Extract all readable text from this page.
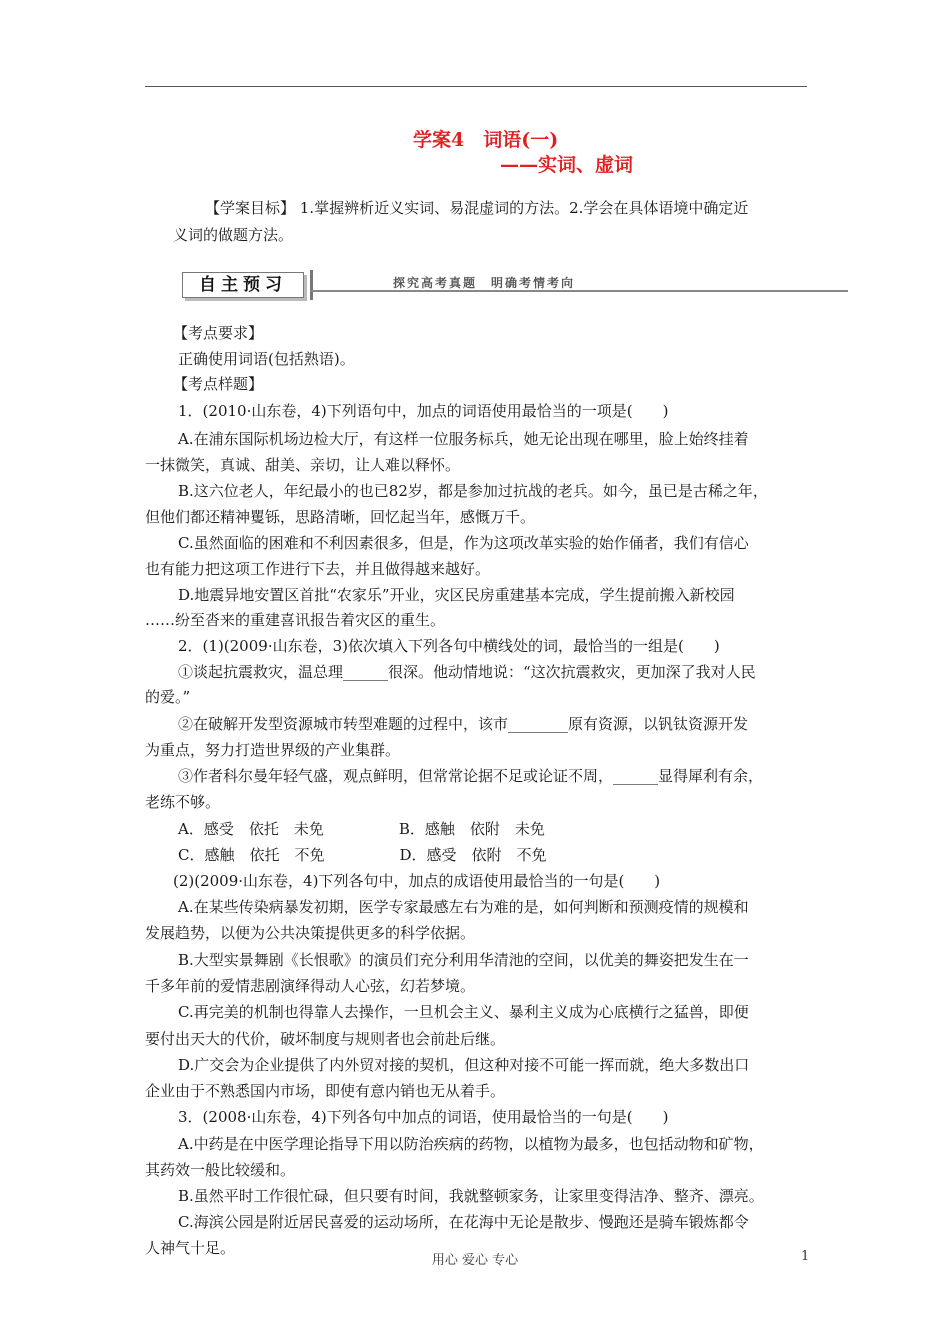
学案4　词语(一)
——实词、虚词
【学案目标】 1.掌握辨析近义实词、易混虚词的方法。2.学会在具体语境中确定近
义词的做题方法。
自主预习	探究高考真题　明确考情考向
【考点要求】
正确使用词语(包括熟语)。
【考点样题】
1．(2010·山东卷，4)下列语句中，加点的词语使用最恰当的一项是(　　)
A.在浦东国际机场边检大厅，有这样一位服务标兵，她无论出现在哪里，脸上始终挂着
一抹微笑，真诚、甜美、亲切，让人难以释怀。
B.这六位老人，年纪最小的也已82岁，都是参加过抗战的老兵。如今，虽已是古稀之年，
但他们都还精神矍铄，思路清晰，回忆起当年，感慨万千。
C.虽然面临的困难和不利因素很多，但是，作为这项改革实验的始作俑者，我们有信心
也有能力把这项工作进行下去，并且做得越来越好。
D.地震异地安置区首批“农家乐”开业，灾区民房重建基本完成，学生提前搬入新校园
……纷至沓来的重建喜讯报告着灾区的重生。
2．(1)(2009·山东卷，3)依次填入下列各句中横线处的词，最恰当的一组是(　　)
①谈起抗震救灾，温总理______很深。他动情地说：“这次抗震救灾，更加深了我对人民
的爱。”
②在破解开发型资源城市转型难题的过程中，该市________原有资源，以钒钛资源开发
为重点，努力打造世界级的产业集群。
③作者科尔曼年轻气盛，观点鲜明，但常常论据不足或论证不周，______显得犀利有余，
老练不够。
A．感受　依托　未免　　　　　B．感触　依附　未免
C．感触　依托　不免　　　　　D．感受　依附　不免
(2)(2009·山东卷，4)下列各句中，加点的成语使用最恰当的一句是(　　)
A.在某些传染病暴发初期，医学专家最感左右为难的是，如何判断和预测疫情的规模和
发展趋势，以便为公共决策提供更多的科学依据。
B.大型实景舞剧《长恨歌》的演员们充分利用华清池的空间，以优美的舞姿把发生在一
千多年前的爱情悲剧演绎得动人心弦，幻若梦境。
C.再完美的机制也得靠人去操作，一旦机会主义、暴利主义成为心底横行之猛兽，即便
要付出天大的代价，破坏制度与规则者也会前赴后继。
D.广交会为企业提供了内外贸对接的契机，但这种对接不可能一挥而就，绝大多数出口
企业由于不熟悉国内市场，即使有意内销也无从着手。
3．(2008·山东卷，4)下列各句中加点的词语，使用最恰当的一句是(　　)
A.中药是在中医学理论指导下用以防治疾病的药物，以植物为最多，也包括动物和矿物，
其药效一般比较缓和。
B.虽然平时工作很忙碌，但只要有时间，我就整顿家务，让家里变得洁净、整齐、漂亮。
C.海滨公园是附近居民喜爱的运动场所，在花海中无论是散步、慢跑还是骑车锻炼都令
人神气十足。
用心 爱心 专心	1
